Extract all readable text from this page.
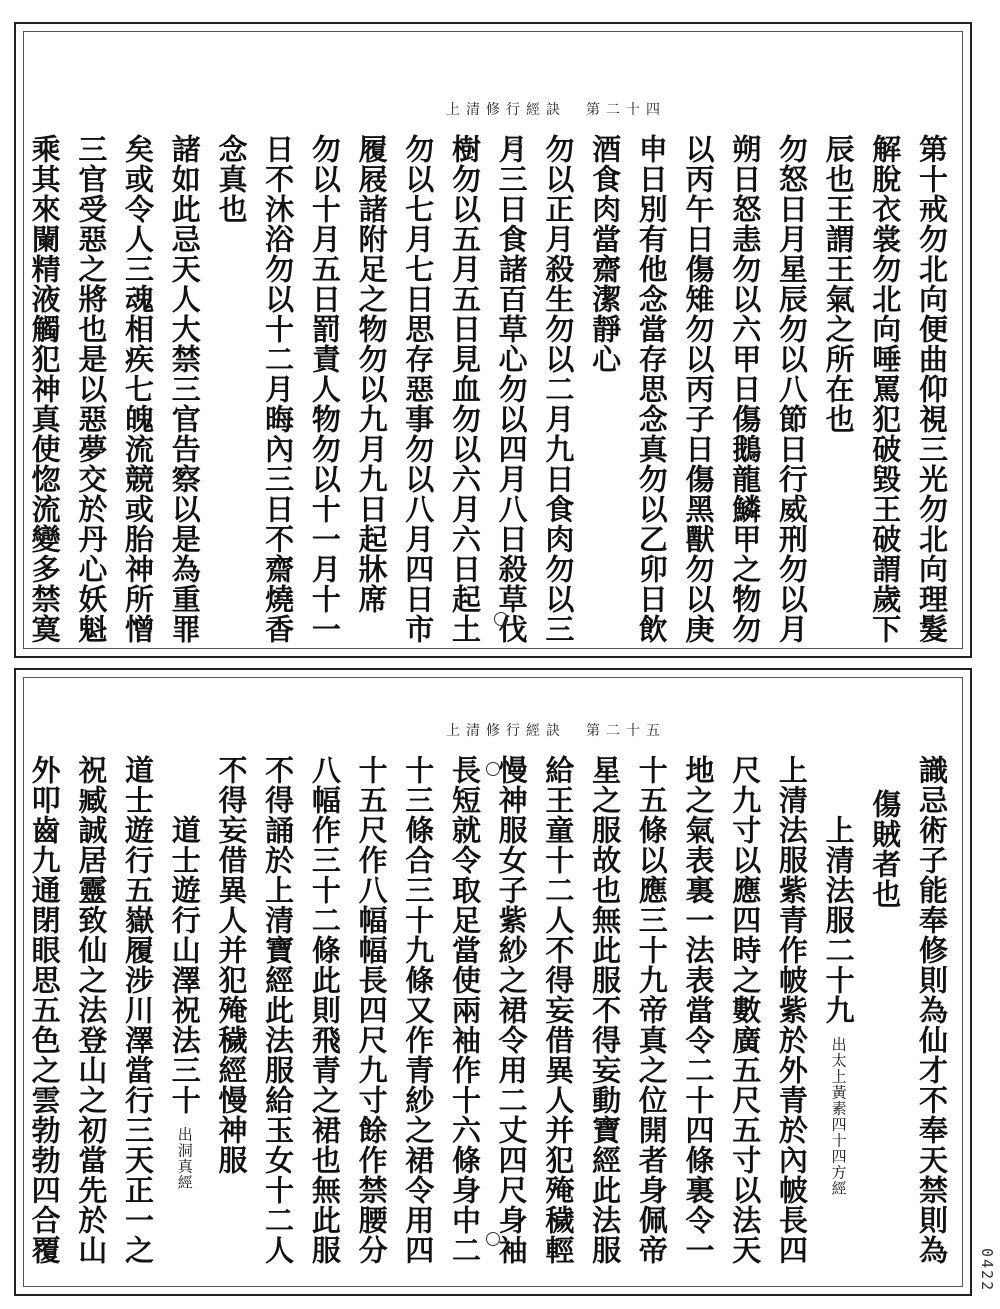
上清修行經訣　第二十四
第十戒勿北向便曲仰視三光勿北向理髮
解脫衣裳勿北向唾罵犯破毀王破謂歲下
辰也王謂王氣之所在也
勿怒日月星辰勿以八節日行威刑勿以月
朔日怒恚勿以六甲日傷鵝龍鱗甲之物勿
以丙午日傷雉勿以丙子日傷黑獸勿以庚
申日別有他念當存思念真勿以乙卯日飲
酒食肉當齋潔靜心
勿以正月殺生勿以二月九日食肉勿以三
月三日食諸百草心勿以四月八日殺草伐
樹勿以五月五日見血勿以六月六日起土
勿以七月七日思存惡事勿以八月四日市
履屐諸附足之物勿以九月九日起牀席
勿以十月五日罰責人物勿以十一月十一
日不沐浴勿以十二月晦內三日不齋燒香
念真也
諸如此忌天人大禁三官告察以是為重罪
矣或令人三魂相疾七魄流競或胎神所憎
三官受惡之將也是以惡夢交於丹心妖魁
乘其來闌精液觸犯神真使惚流變多禁寞
上清修行經訣　第二十五
識忌術子能奉修則為仙才不奉天禁則為
傷賊者也
上清法服二十九 出太上黃素四十四方經
上清法服紫青作帔紫於外青於內帔長四
尺九寸以應四時之數廣五尺五寸以法天
地之氣表裏一法表當令二十四條裏令一
十五條以應三十九帝真之位開者身佩帝
星之服故也無此服不得妄動寶經此法服
給王童十二人不得妄借異人并犯殗穢輕
慢神服女子紫紗之裙令用二丈四尺身袖
長短就令取足當使兩袖作十六條身中二
十三條合三十九條又作青紗之裙令用四
十五尺作八幅幅長四尺九寸餘作禁腰分
八幅作三十二條此則飛青之裙也無此服
不得誦於上清寶經此法服給玉女十二人
不得妄借異人并犯殗穢經慢神服
道士遊行山澤祝法三十 出洞真經
道士遊行五嶽履涉川澤當行三天正一之
祝臧誠居靈致仙之法登山之初當先於山
外叩齒九通閉眼思五色之雲勃勃四合覆
0422
